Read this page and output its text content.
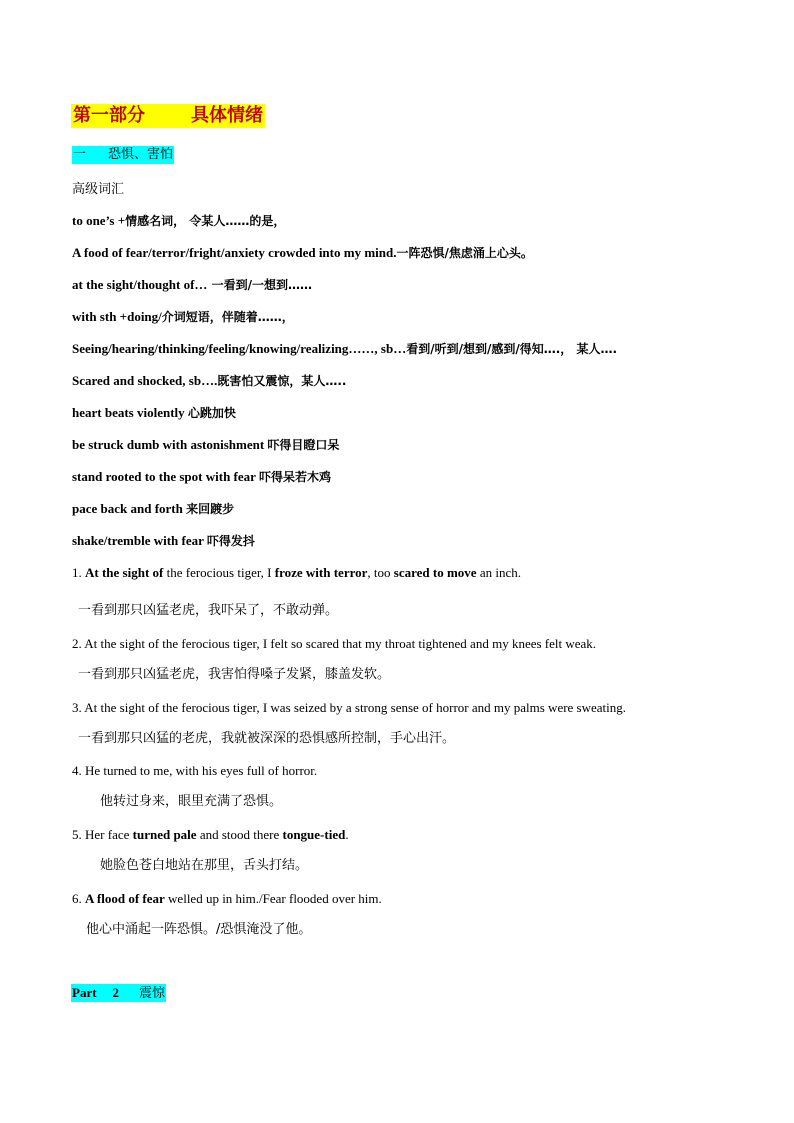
第一部分	具体情绪
一 恐惧、害怕
高级词汇
to one’s +情感名词， 令某人……的是，
A food of fear/terror/fright/anxiety crowded into my mind.一阵恐惧/焦虑涌上心头。
at the sight/thought of… 一看到/一想到……
with sth +doing/介词短语，伴随着……，
Seeing/hearing/thinking/feeling/knowing/realizing……, sb…看到/听到/想到/感到/得知….， 某人….
Scared and shocked, sb….既害怕又震惊，某人…..
heart beats violently 心跳加快
be struck dumb with astonishment 吓得目瞪口呆
stand rooted to the spot with fear 吓得呆若木鸡
pace back and forth 来回踱步
shake/tremble with fear 吓得发抖
1. At the sight of the ferocious tiger, I froze with terror, too scared to move an inch.
一看到那只凶猛老虎，我吓呆了，不敢动弹。
2. At the sight of the ferocious tiger, I felt so scared that my throat tightened and my knees felt weak.
一看到那只凶猛老虎，我害怕得嗓子发紧，膝盖发软。
3. At the sight of the ferocious tiger, I was seized by a strong sense of horror and my palms were sweating.
一看到那只凶猛的老虎，我就被深深的恐惧感所控制，手心出汗。
4. He turned to me, with his eyes full of horror.
他转过身来，眼里充满了恐惧。
5. Her face turned pale and stood there tongue-tied.
她脸色苍白地站在那里，舌头打结。
6. A flood of fear welled up in him./Fear flooded over him.
他心中涌起一阵恐惧。/恐惧淹没了他。
Part 2 震惊
